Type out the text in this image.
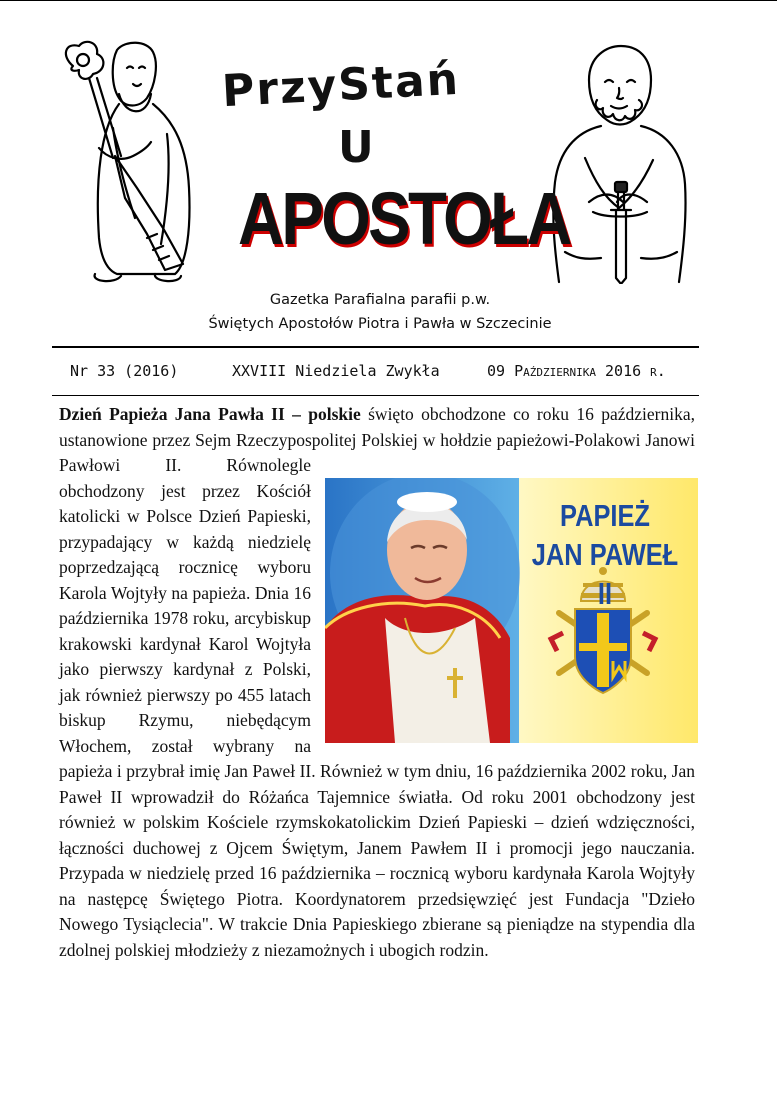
PrzyStań
U
APOSTOŁA
Gazetka Parafialna parafii p.w.
Świętych Apostołów Piotra i Pawła w Szczecinie
Nr 33 (2016)	XXVIII Niedziela Zwykła	09 Października 2016 r.

Dzień Papieża Jana Pawła II – polskie święto obchodzone co roku 16 października, ustanowione przez Sejm Rzeczypospolitej Polskiej w hołdzie papieżowi-Polakowi Janowi Pawłowi II. Równolegle obchodzony jest przez Kościół katolicki w Polsce Dzień Papieski, przypadający w każdą niedzielę poprzedzającą rocznicę wyboru Karola Wojtyły na papieża. Dnia 16 października 1978 roku, arcybiskup krakowski kardynał Karol Wojtyła jako pierwszy kardynał z Polski, jak również pierwszy po 455 latach biskup Rzymu, niebędącym Włochem, został wybrany na papieża i przybrał imię Jan Paweł II. Również w tym dniu, 16 października 2002 roku, Jan Paweł II wprowadził do Różańca Tajemnice światła. Od roku 2001 obchodzony jest również w polskim Kościele rzymskokatolickim Dzień Papieski – dzień wdzięczności, łączności duchowej z Ojcem Świętym, Janem Pawłem II i promocji jego nauczania. Przypada w niedzielę przed 16 października – rocznicą wyboru kardynała Karola Wojtyły na następcę Świętego Piotra. Koordynatorem przedsięwzięć jest Fundacja "Dzieło Nowego Tysiąclecia". W trakcie Dnia Papieskiego zbierane są pieniądze na stypendia dla zdolnej polskiej młodzieży z niezamożnych i ubogich rodzin.

PAPIEŻ
JAN PAWEŁ II
